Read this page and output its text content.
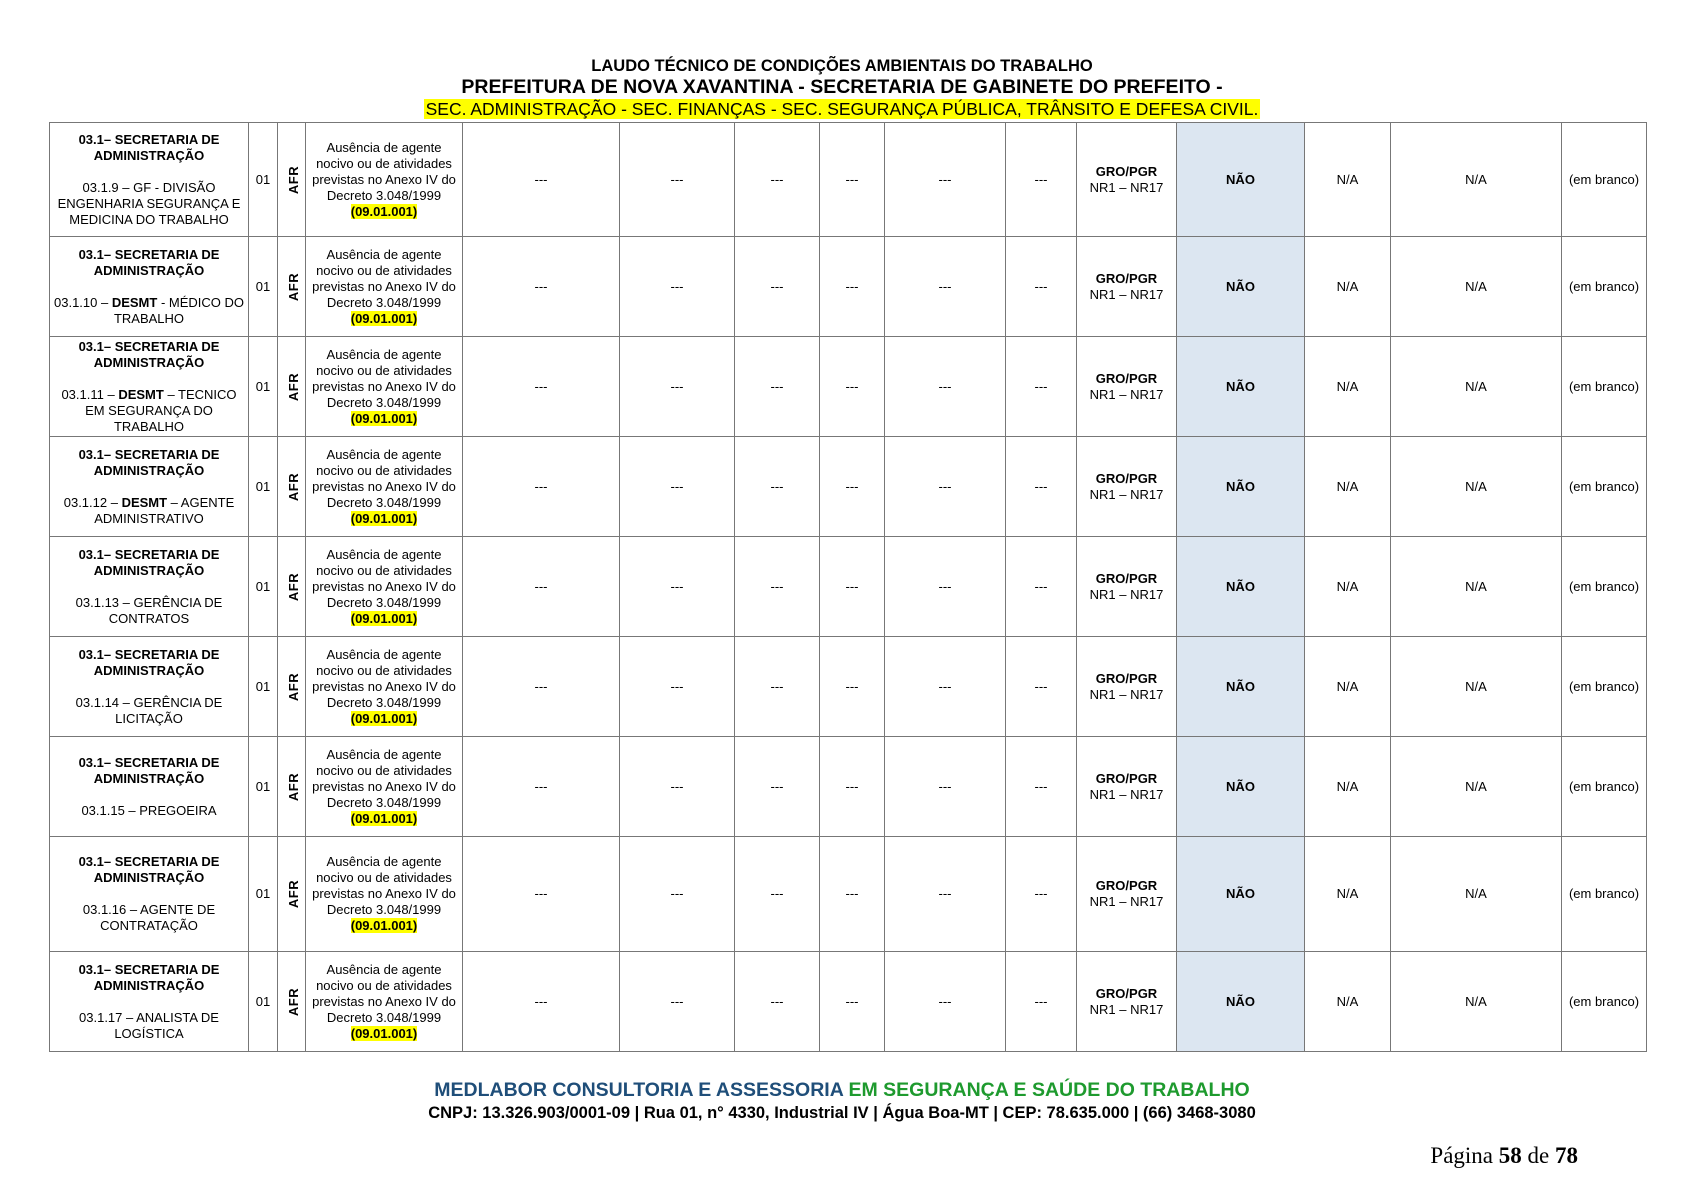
LAUDO TÉCNICO DE CONDIÇÕES AMBIENTAIS DO TRABALHO
PREFEITURA DE NOVA XAVANTINA - SECRETARIA DE GABINETE DO PREFEITO -
SEC. ADMINISTRAÇÃO - SEC. FINANÇAS - SEC. SEGURANÇA PÚBLICA, TRÂNSITO E DEFESA CIVIL.
03.1– SECRETARIA DE ADMINISTRAÇÃO
03.1.9 – GF - DIVISÃO ENGENHARIA SEGURANÇA E MEDICINA DO TRABALHO	01	AFR	Ausência de agente nocivo ou de atividades previstas no Anexo IV do Decreto 3.048/1999
(09.01.001)	---	---	---	---	---	---	GRO/PGR
NR1 – NR17	NÃO	N/A	N/A	(em branco)

03.1– SECRETARIA DE ADMINISTRAÇÃO
03.1.10 – DESMT - MÉDICO DO TRABALHO	01	AFR	Ausência de agente nocivo ou de atividades previstas no Anexo IV do Decreto 3.048/1999
(09.01.001)	---	---	---	---	---	---	GRO/PGR
NR1 – NR17	NÃO	N/A	N/A	(em branco)

03.1– SECRETARIA DE ADMINISTRAÇÃO
03.1.11 – DESMT – TECNICO EM SEGURANÇA DO TRABALHO	01	AFR	Ausência de agente nocivo ou de atividades previstas no Anexo IV do Decreto 3.048/1999
(09.01.001)	---	---	---	---	---	---	GRO/PGR
NR1 – NR17	NÃO	N/A	N/A	(em branco)

03.1– SECRETARIA DE ADMINISTRAÇÃO
03.1.12 – DESMT – AGENTE ADMINISTRATIVO	01	AFR	Ausência de agente nocivo ou de atividades previstas no Anexo IV do Decreto 3.048/1999
(09.01.001)	---	---	---	---	---	---	GRO/PGR
NR1 – NR17	NÃO	N/A	N/A	(em branco)

03.1– SECRETARIA DE ADMINISTRAÇÃO
03.1.13 – GERÊNCIA DE CONTRATOS	01	AFR	Ausência de agente nocivo ou de atividades previstas no Anexo IV do Decreto 3.048/1999
(09.01.001)	---	---	---	---	---	---	GRO/PGR
NR1 – NR17	NÃO	N/A	N/A	(em branco)

03.1– SECRETARIA DE ADMINISTRAÇÃO
03.1.14 – GERÊNCIA DE LICITAÇÃO	01	AFR	Ausência de agente nocivo ou de atividades previstas no Anexo IV do Decreto 3.048/1999
(09.01.001)	---	---	---	---	---	---	GRO/PGR
NR1 – NR17	NÃO	N/A	N/A	(em branco)

03.1– SECRETARIA DE ADMINISTRAÇÃO
03.1.15 – PREGOEIRA	01	AFR	Ausência de agente nocivo ou de atividades previstas no Anexo IV do Decreto 3.048/1999
(09.01.001)	---	---	---	---	---	---	GRO/PGR
NR1 – NR17	NÃO	N/A	N/A	(em branco)

03.1– SECRETARIA DE ADMINISTRAÇÃO
03.1.16 – AGENTE DE CONTRATAÇÃO	01	AFR	Ausência de agente nocivo ou de atividades previstas no Anexo IV do Decreto 3.048/1999
(09.01.001)	---	---	---	---	---	---	GRO/PGR
NR1 – NR17	NÃO	N/A	N/A	(em branco)

03.1– SECRETARIA DE ADMINISTRAÇÃO
03.1.17 – ANALISTA DE LOGÍSTICA	01	AFR	Ausência de agente nocivo ou de atividades previstas no Anexo IV do Decreto 3.048/1999
(09.01.001)	---	---	---	---	---	---	GRO/PGR
NR1 – NR17	NÃO	N/A	N/A	(em branco)
MEDLABOR CONSULTORIA E ASSESSORIA EM SEGURANÇA E SAÚDE DO TRABALHO
CNPJ: 13.326.903/0001-09 | Rua 01, n° 4330, Industrial IV | Água Boa-MT | CEP: 78.635.000 | (66) 3468-3080
Página 58 de 78
